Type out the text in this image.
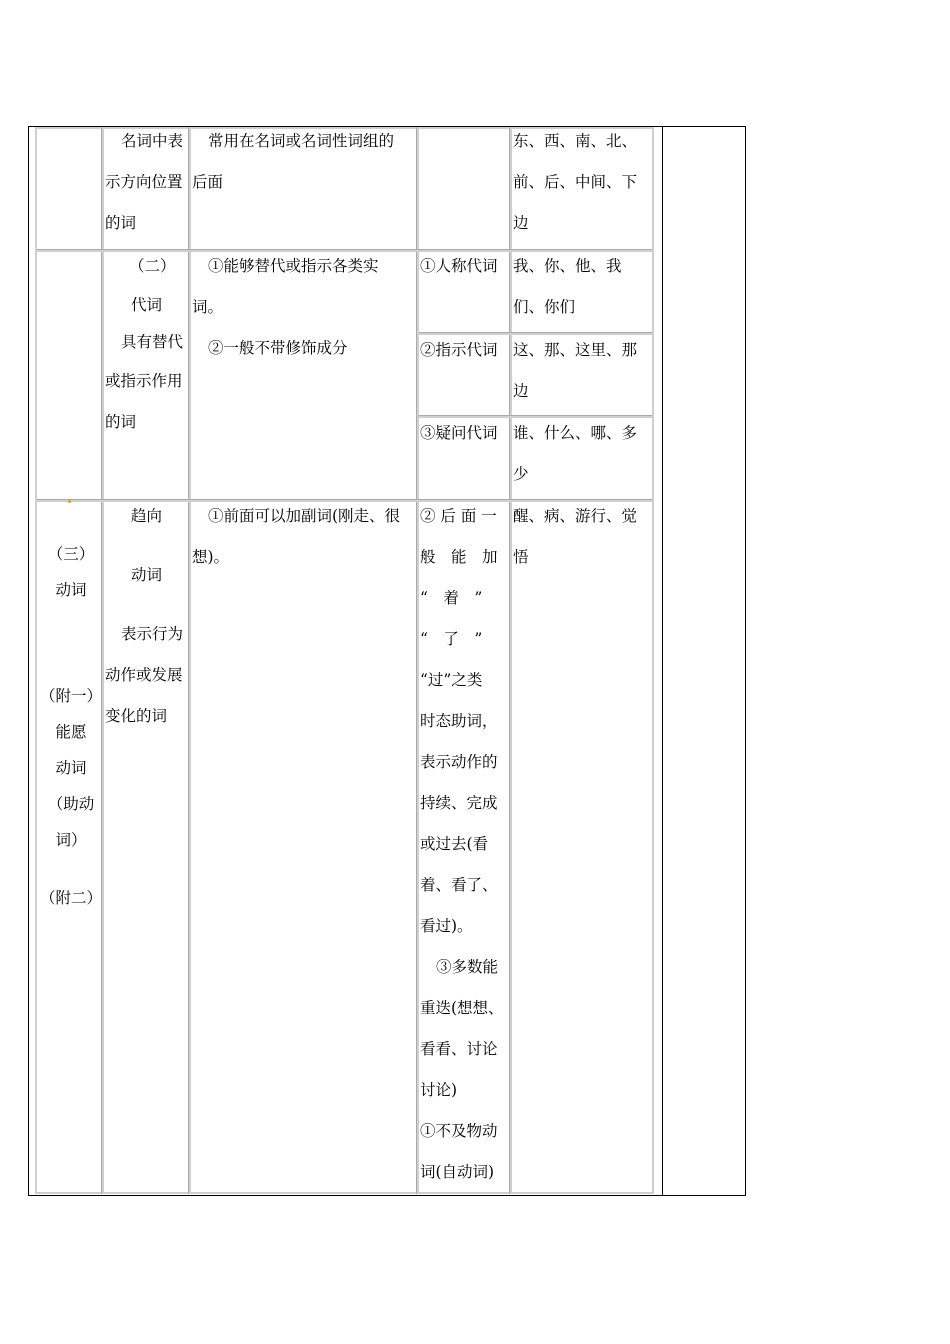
名词中表
示方向位置
的词
常用在名词或名词性词组的
后面
东、西、南、北、
前、后、中间、下
边
（二）
代词
具有替代
或指示作用
的词
①能够替代或指示各类实
词。
②一般不带修饰成分
①人称代词 我、你、他、我
们、你们
②指示代词 这、那、这里、那
边
③疑问代词 谁、什么、哪、多
少
（三）
动词
（附一）
能愿
动词
（助动
词）
（附二）
趋向
动词
表示行为
动作或发展
变化的词
①前面可以加副词(刚走、很
想)。
② 后 面 一
般　能　加
“　着　”
“　了　”
“过”之类
时态助词，
表示动作的
持续、完成
或过去(看
着、看了、
看过)。
③多数能
重迭(想想、
看看、讨论
讨论)
①不及物动
词(自动词)
醒、病、游行、觉
悟
